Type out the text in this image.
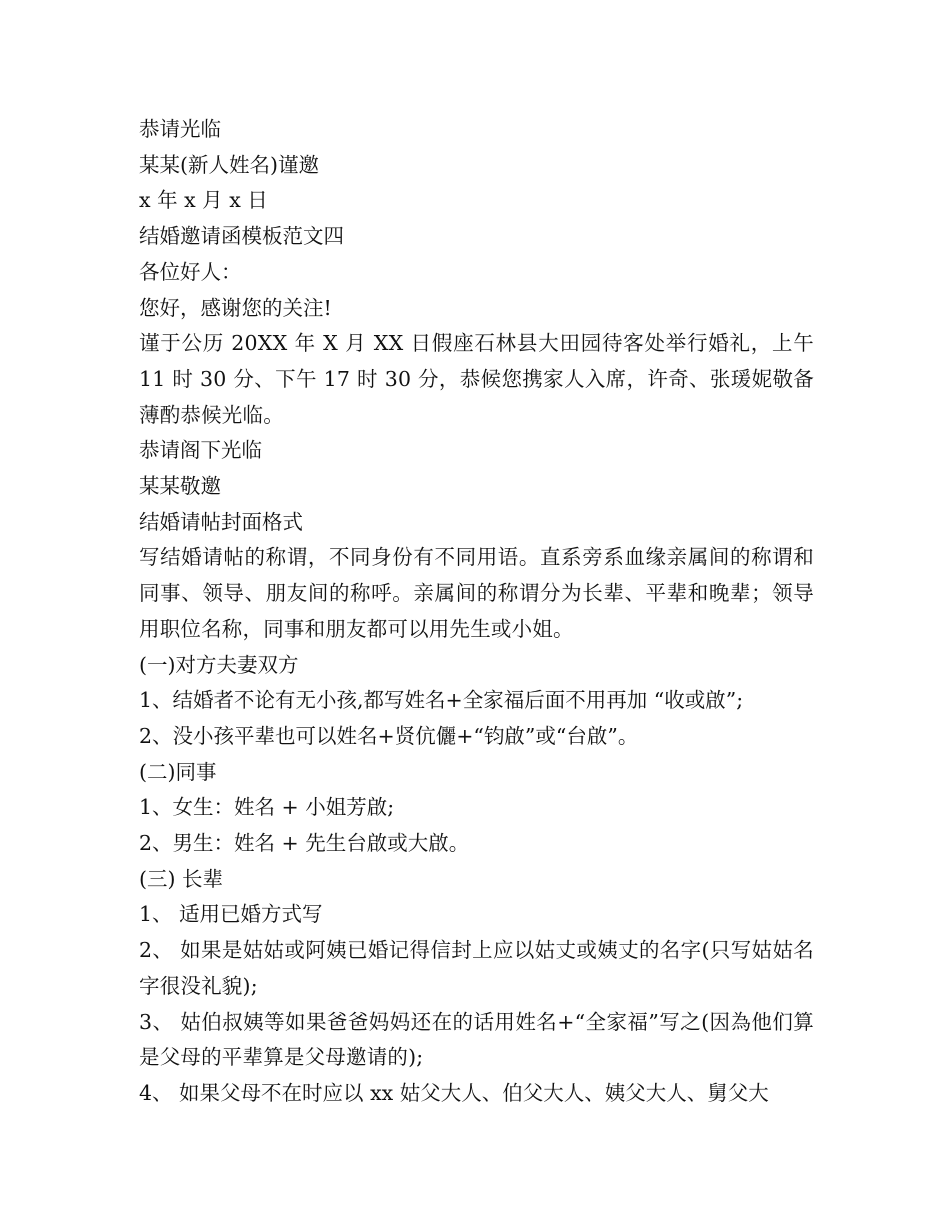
恭请光临
某某(新人姓名)谨邀
x 年 x 月 x 日
结婚邀请函模板范文四
各位好人：
您好，感谢您的关注!
谨于公历 20XX 年 X 月 XX 日假座石林县大田园待客处举行婚礼，上午 11 时 30 分、下午 17 时 30 分，恭候您携家人入席，许奇、张瑗妮敬备薄酌恭候光临。
恭请阁下光临
某某敬邀
结婚请帖封面格式
写结婚请帖的称谓，不同身份有不同用语。直系旁系血缘亲属间的称谓和同事、领导、朋友间的称呼。亲属间的称谓分为长辈、平辈和晚辈；领导用职位名称，同事和朋友都可以用先生或小姐。
(一)对方夫妻双方
1、结婚者不论有无小孩,都写姓名+全家福后面不用再加 “收或啟”;
2、没小孩平辈也可以姓名+贤伉儷+“钧啟”或“台啟”。
(二)同事
1、女生：姓名 + 小姐芳啟;
2、男生：姓名 + 先生台啟或大啟。
(三) 长辈
1、 适用已婚方式写
2、 如果是姑姑或阿姨已婚记得信封上应以姑丈或姨丈的名字(只写姑姑名字很没礼貌);
3、 姑伯叔姨等如果爸爸妈妈还在的话用姓名+“全家福”写之(因為他们算是父母的平辈算是父母邀请的);
4、 如果父母不在时应以 xx 姑父大人、伯父大人、姨父大人、舅父大
